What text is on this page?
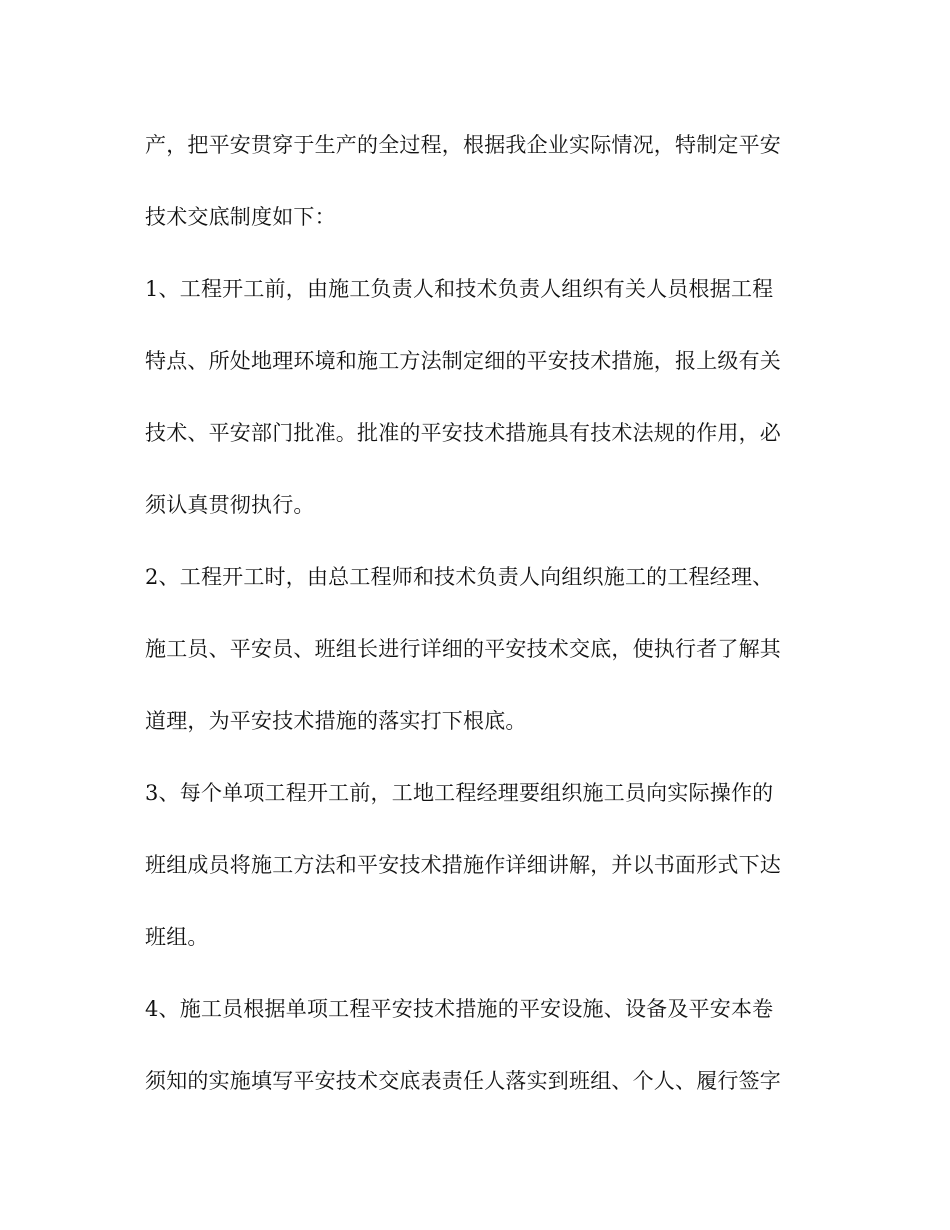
产，把平安贯穿于生产的全过程，根据我企业实际情况，特制定平安
技术交底制度如下：
1、工程开工前，由施工负责人和技术负责人组织有关人员根据工程
特点、所处地理环境和施工方法制定细的平安技术措施，报上级有关
技术、平安部门批准。批准的平安技术措施具有技术法规的作用，必
须认真贯彻执行。
2、工程开工时，由总工程师和技术负责人向组织施工的工程经理、
施工员、平安员、班组长进行详细的平安技术交底，使执行者了解其
道理，为平安技术措施的落实打下根底。
3、每个单项工程开工前，工地工程经理要组织施工员向实际操作的
班组成员将施工方法和平安技术措施作详细讲解，并以书面形式下达
班组。
4、施工员根据单项工程平安技术措施的平安设施、设备及平安本卷
须知的实施填写平安技术交底表责任人落实到班组、个人、履行签字
